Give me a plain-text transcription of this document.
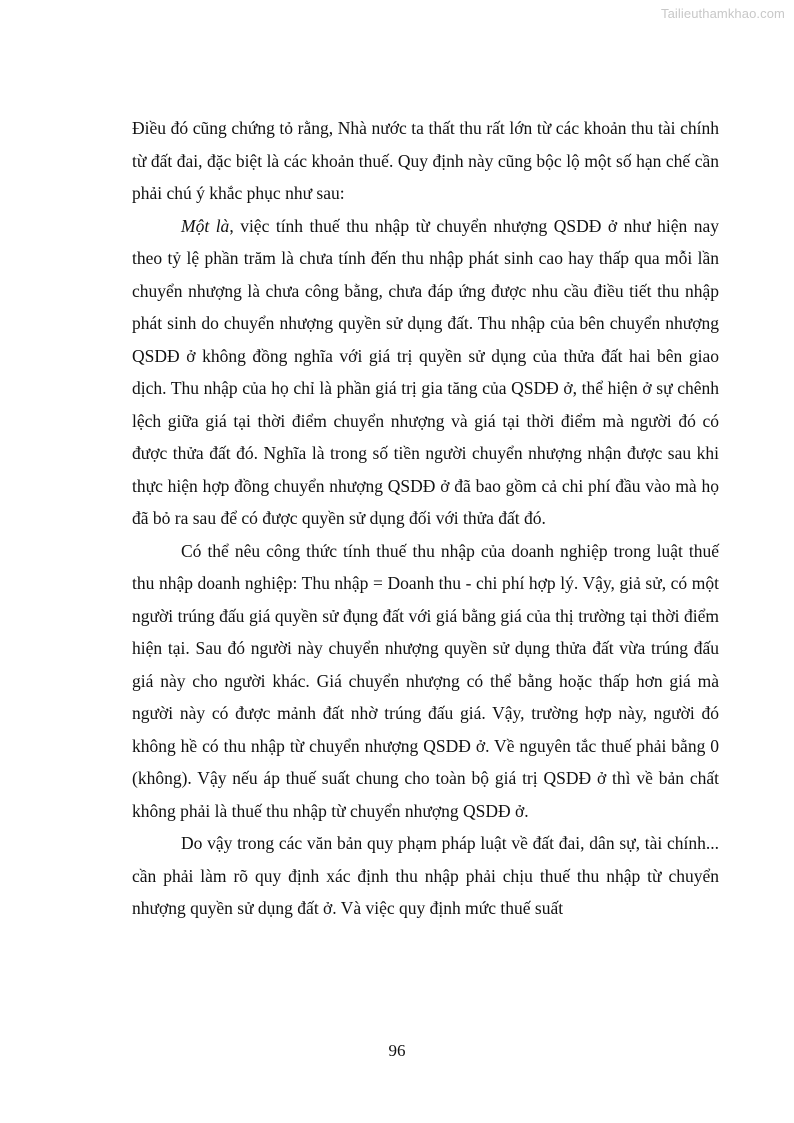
Tailieuthamkhao.com

Điều đó cũng chứng tỏ rằng, Nhà nước ta thất thu rất lớn từ các khoản thu tài chính từ đất đai, đặc biệt là các khoản thuế. Quy định này cũng bộc lộ một số hạn chế cần phải chú ý khắc phục như sau:

Một là, việc tính thuế thu nhập từ chuyển nhượng QSDĐ ở như hiện nay theo tỷ lệ phần trăm là chưa tính đến thu nhập phát sinh cao hay thấp qua mỗi lần chuyển nhượng là chưa công bằng, chưa đáp ứng được nhu cầu điều tiết thu nhập phát sinh do chuyển nhượng quyền sử dụng đất. Thu nhập của bên chuyển nhượng QSDĐ ở không đồng nghĩa với giá trị quyền sử dụng của thửa đất hai bên giao dịch. Thu nhập của họ chỉ là phần giá trị gia tăng của QSDĐ ở, thể hiện ở sự chênh lệch giữa giá tại thời điểm chuyển nhượng và giá tại thời điểm mà người đó có được thửa đất đó. Nghĩa là trong số tiền người chuyển nhượng nhận được sau khi thực hiện hợp đồng chuyển nhượng QSDĐ ở đã bao gồm cả chi phí đầu vào mà họ đã bỏ ra sau để có được quyền sử dụng đối với thửa đất đó.

Có thể nêu công thức tính thuế thu nhập của doanh nghiệp trong luật thuế thu nhập doanh nghiệp: Thu nhập = Doanh thu - chi phí hợp lý. Vậy, giả sử, có một người trúng đấu giá quyền sử đụng đất với giá bằng giá của thị trường tại thời điểm hiện tại. Sau đó người này chuyển nhượng quyền sử dụng thửa đất vừa trúng đấu giá này cho người khác. Giá chuyển nhượng có thể bằng hoặc thấp hơn giá mà người này có được mảnh đất nhờ trúng đấu giá. Vậy, trường hợp này, người đó không hề có thu nhập từ chuyển nhượng QSDĐ ở. Về nguyên tắc thuế phải bằng 0 (không). Vậy nếu áp thuế suất chung cho toàn bộ giá trị QSDĐ ở thì về bản chất không phải là thuế thu nhập từ chuyển nhượng QSDĐ ở.

Do vậy trong các văn bản quy phạm pháp luật về đất đai, dân sự, tài chính... cần phải làm rõ quy định xác định thu nhập phải chịu thuế thu nhập từ chuyển nhượng quyền sử dụng đất ở. Và việc quy định mức thuế suất

96
